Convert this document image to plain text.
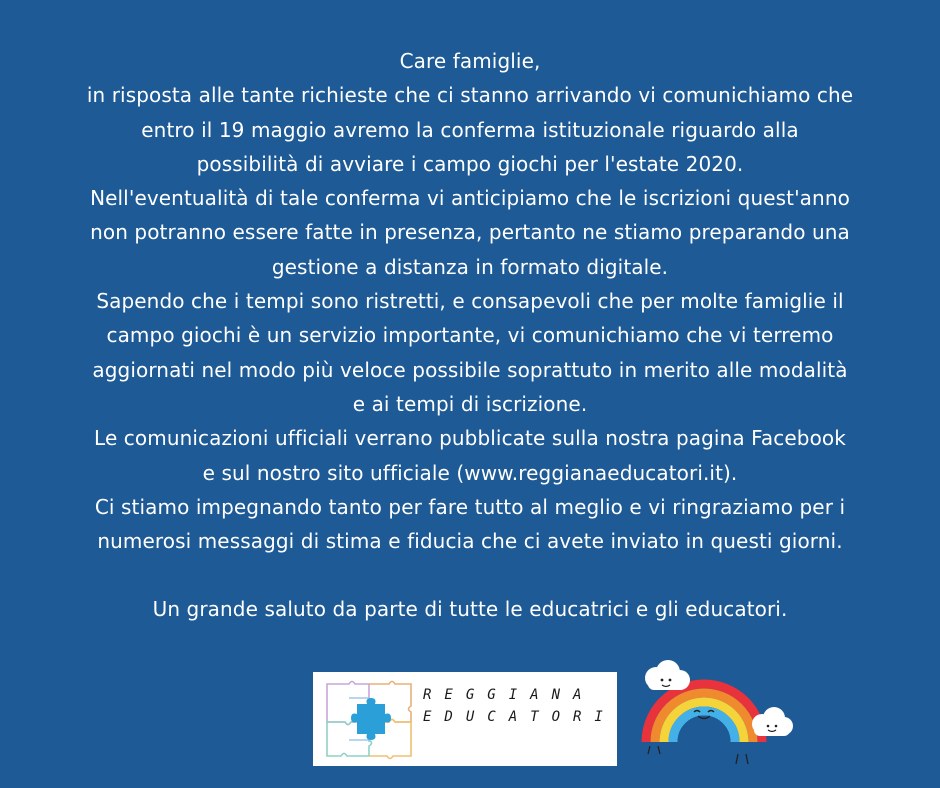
Care famiglie,

in risposta alle tante richieste che ci stanno arrivando vi comunichiamo che

entro il 19 maggio avremo la conferma istituzionale riguardo alla

possibilità di avviare i campo giochi per l'estate 2020.

Nell'eventualità di tale conferma vi anticipiamo che le iscrizioni quest'anno

non potranno essere fatte in presenza, pertanto ne stiamo preparando una

gestione a distanza in formato digitale.

Sapendo che i tempi sono ristretti, e consapevoli che per molte famiglie il

campo giochi è un servizio importante, vi comunichiamo che vi terremo

aggiornati nel modo più veloce possibile soprattuto in merito alle modalità

e ai tempi di iscrizione.

Le comunicazioni ufficiali verrano pubblicate sulla nostra pagina Facebook

e sul nostro sito ufficiale (www.reggianaeducatori.it).

Ci stiamo impegnando tanto per fare tutto al meglio e vi ringraziamo per i

numerosi messaggi di stima e fiducia che ci avete inviato in questi giorni.

Un grande saluto da parte di tutte le educatrici e gli educatori.

REGGIANA
EDUCATORI
